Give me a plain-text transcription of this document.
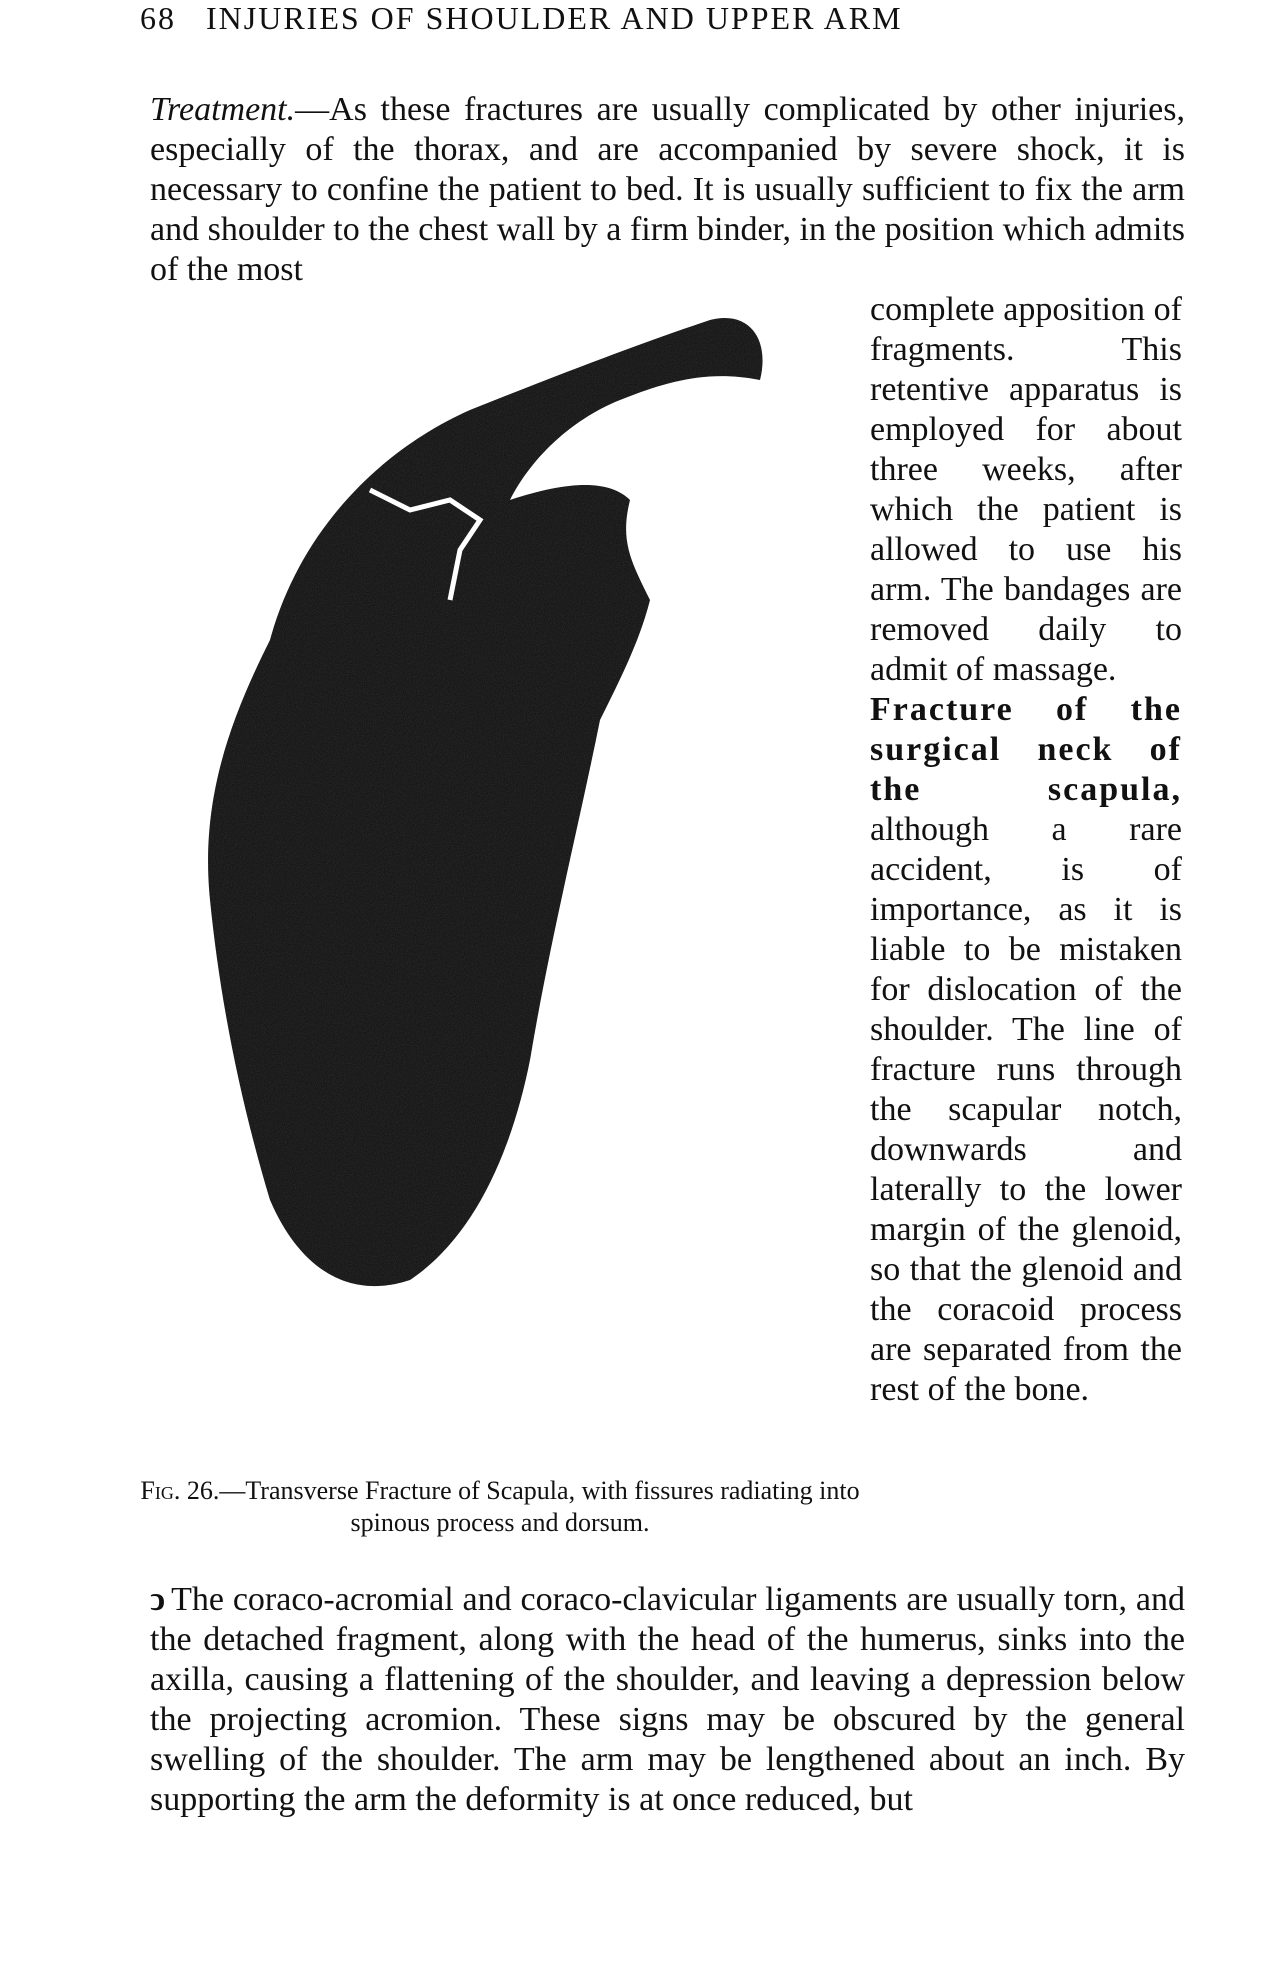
68 INJURIES OF SHOULDER AND UPPER ARM
Treatment.—As these fractures are usually complicated by other injuries, especially of the thorax, and are accompanied by severe shock, it is necessary to confine the patient to bed. It is usually sufficient to fix the arm and shoulder to the chest wall by a firm binder, in the position which admits of the most

complete apposition of fragments. This retentive apparatus is employed for about three weeks, after which the patient is allowed to use his arm. The bandages are removed daily to admit of massage.

Fracture of the surgical neck of the scapula, although a rare accident, is of importance, as it is liable to be mistaken for dislocation of the shoulder. The line of fracture runs through the scapular notch, downwards and laterally to the lower margin of the glenoid, so that the glenoid and the coracoid process are separated from the rest of the bone.

Fig. 26.—Transverse Fracture of Scapula, with fissures radiating into spinous process and dorsum.
ↄ The coraco-acromial and coraco-clavicular ligaments are usually torn, and the detached fragment, along with the head of the humerus, sinks into the axilla, causing a flattening of the shoulder, and leaving a depression below the projecting acromion. These signs may be obscured by the general swelling of the shoulder. The arm may be lengthened about an inch. By supporting the arm the deformity is at once reduced, but
